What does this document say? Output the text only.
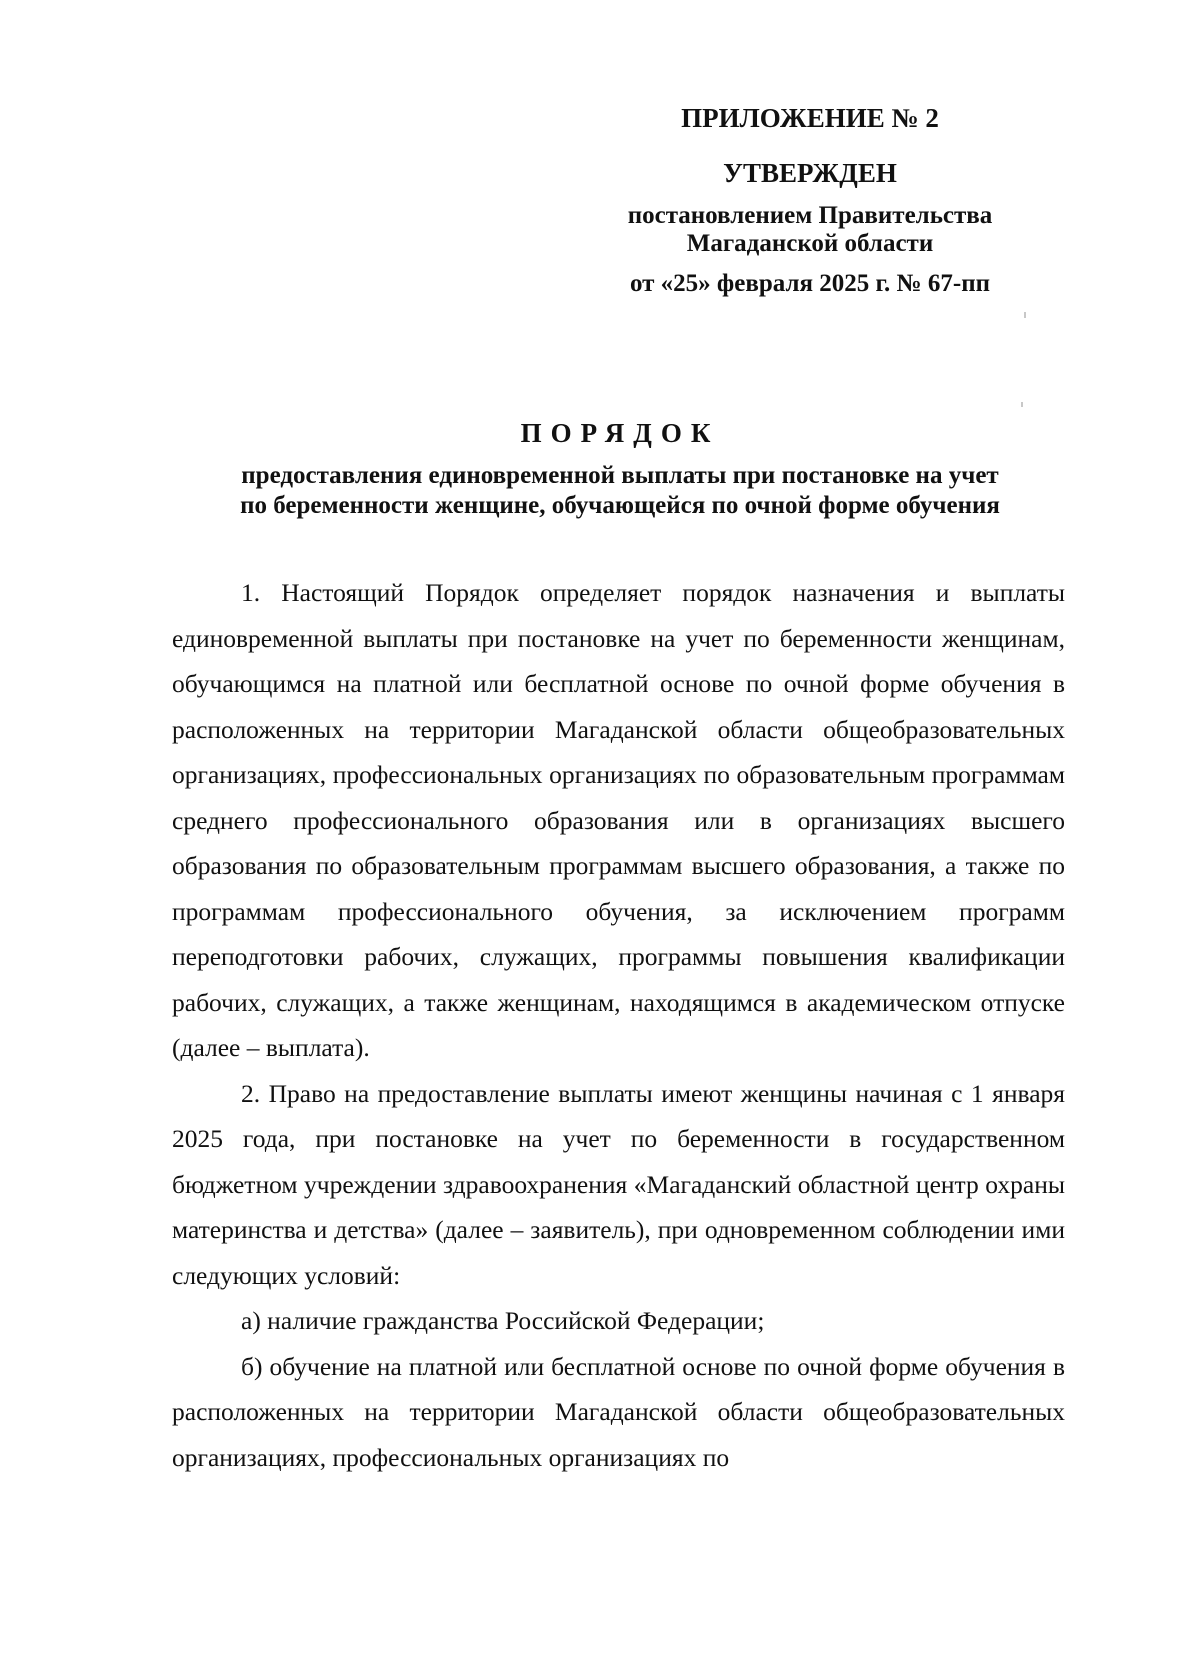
ПРИЛОЖЕНИЕ № 2
УТВЕРЖДЕН
постановлением Правительства
Магаданской области
от «25» февраля 2025 г. № 67-пп
ПОРЯДОК
предоставления единовременной выплаты при постановке на учет
по беременности женщине, обучающейся по очной форме обучения

1. Настоящий Порядок определяет порядок назначения и выплаты единовременной выплаты при постановке на учет по беременности женщинам, обучающимся на платной или бесплатной основе по очной форме обучения в расположенных на территории Магаданской области общеобразовательных организациях, профессиональных организациях по образовательным программам среднего профессионального образования или в организациях высшего образования по образовательным программам высшего образования, а также по программам профессионального обучения, за исключением программ переподготовки рабочих, служащих, программы повышения квалификации рабочих, служащих, а также женщинам, находящимся в академическом отпуске (далее – выплата).

2. Право на предоставление выплаты имеют женщины начиная с 1 января 2025 года, при постановке на учет по беременности в государственном бюджетном учреждении здравоохранения «Магаданский областной центр охраны материнства и детства» (далее – заявитель), при одновременном соблюдении ими следующих условий:

а) наличие гражданства Российской Федерации;

б) обучение на платной или бесплатной основе по очной форме обучения в расположенных на территории Магаданской области общеобразовательных организациях, профессиональных организациях по
